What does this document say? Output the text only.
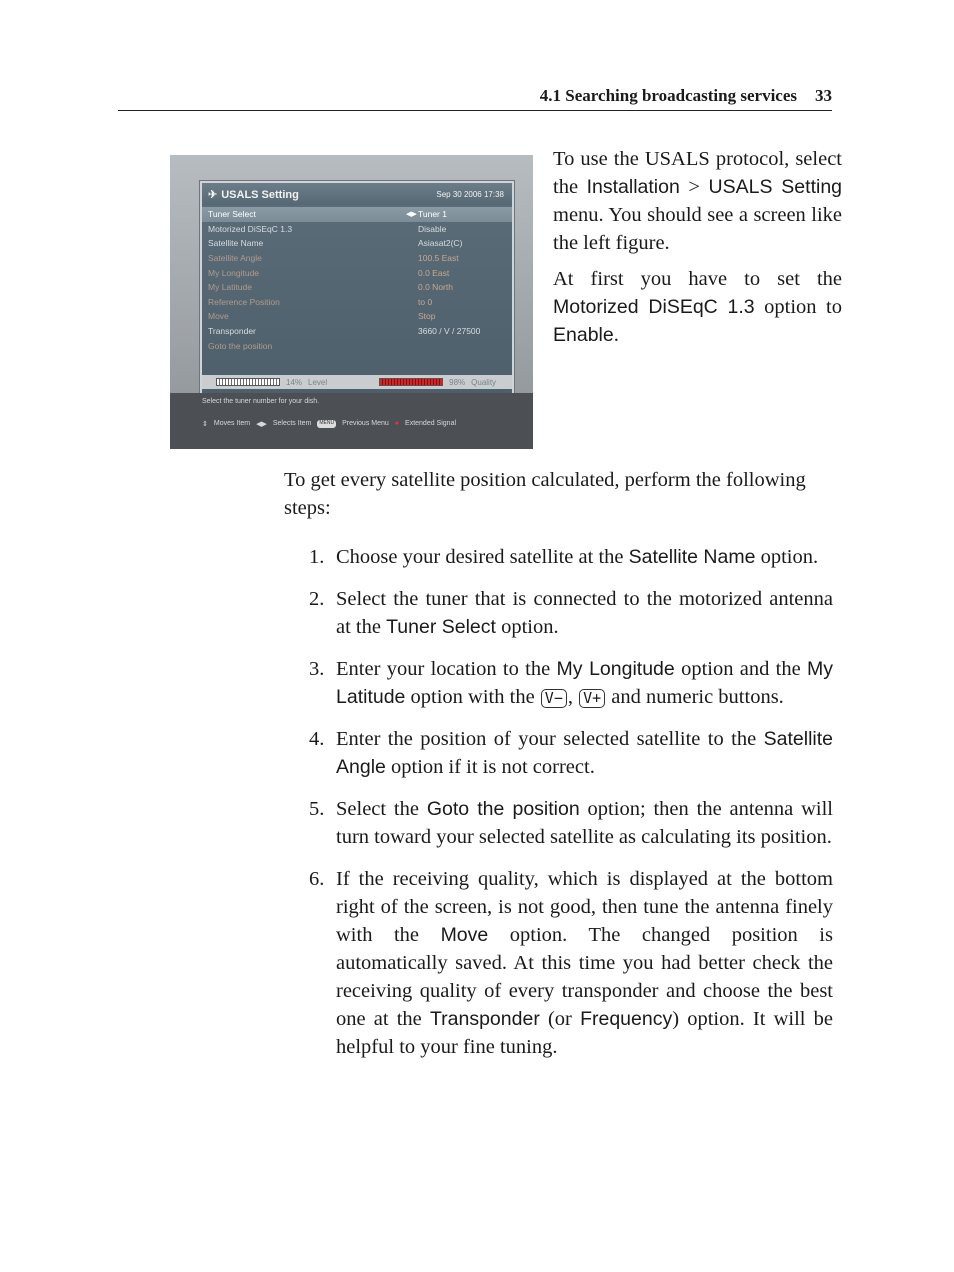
4.1 Searching broadcasting services 33
✈ USALS Setting	Sep 30 2006 17:38
Tuner Select	◀▶ Tuner 1
Motorized DiSEqC 1.3	Disable
Satellite Name	Asiasat2(C)
Satellite Angle	100.5 East
My Longitude	0.0 East
My Latitude	0.0 North
Reference Position	to 0
Move	Stop
Transponder	3660 / V / 27500
Goto the position
14% Level	98% Quality
Select the tuner number for your dish.
⇕ Moves Item ◀▶ Selects Item	MENU Previous Menu ● Extended Signal

To use the USALS protocol, select the Installation > USALS Setting menu. You should see a screen like the left figure.

At first you have to set the Motorized DiSEqC 1.3 option to Enable.

To get every satellite position calculated, perform the following steps:

1. Choose your desired satellite at the Satellite Name option.
2. Select the tuner that is connected to the motorized antenna at the Tuner Select option.
3. Enter your location to the My Longitude option and the My Latitude option with the V− , V+ and numeric buttons.
4. Enter the position of your selected satellite to the Satellite Angle option if it is not correct.
5. Select the Goto the position option; then the antenna will turn toward your selected satellite as calculating its position.
6. If the receiving quality, which is displayed at the bottom right of the screen, is not good, then tune the antenna finely with the Move option. The changed position is automatically saved. At this time you had better check the receiving quality of every transponder and choose the best one at the Transponder (or Frequency) option. It will be helpful to your fine tuning.
